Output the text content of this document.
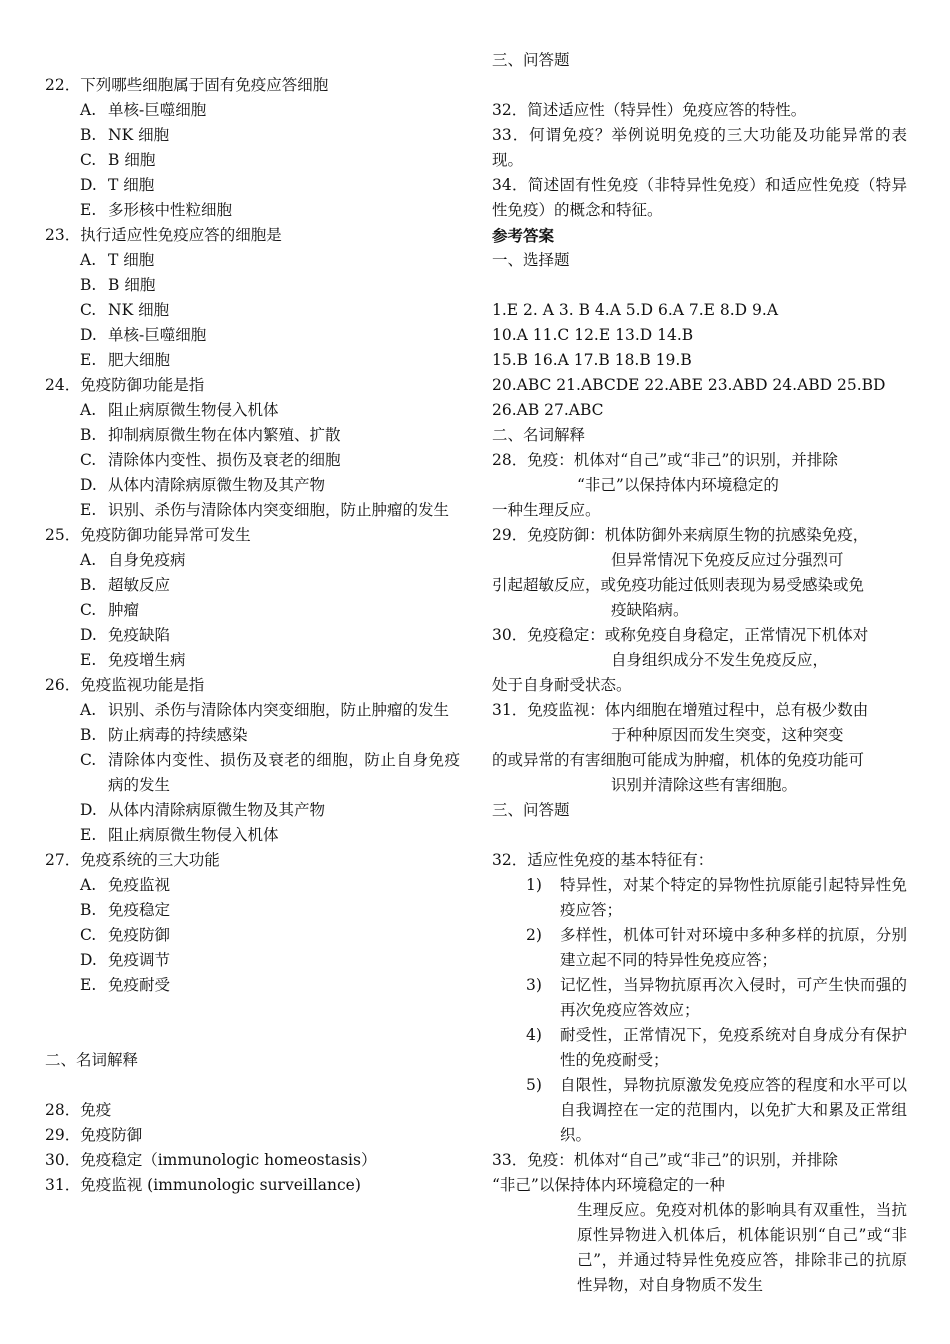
22．下列哪些细胞属于固有免疫应答细胞
A. 单核-巨噬细胞
B. NK 细胞
C. B 细胞
D. T 细胞
E. 多形核中性粒细胞
23．执行适应性免疫应答的细胞是
A. T 细胞
B. B 细胞
C. NK 细胞
D. 单核-巨噬细胞
E. 肥大细胞
24．免疫防御功能是指
A. 阻止病原微生物侵入机体
B. 抑制病原微生物在体内繁殖、扩散
C. 清除体内变性、损伤及衰老的细胞
D. 从体内清除病原微生物及其产物
E. 识别、杀伤与清除体内突变细胞，防止肿瘤的发生
25．免疫防御功能异常可发生
A. 自身免疫病
B. 超敏反应
C. 肿瘤
D. 免疫缺陷
E. 免疫增生病
26．免疫监视功能是指
A. 识别、杀伤与清除体内突变细胞，防止肿瘤的发生
B. 防止病毒的持续感染
C. 清除体内变性、损伤及衰老的细胞，防止自身免疫病的发生
D. 从体内清除病原微生物及其产物
E. 阻止病原微生物侵入机体
27．免疫系统的三大功能
A. 免疫监视
B. 免疫稳定
C. 免疫防御
D. 免疫调节
E. 免疫耐受
二、名词解释
28．免疫
29．免疫防御
30．免疫稳定（immunologic homeostasis）
31．免疫监视 (immunologic surveillance)
三、问答题
32．简述适应性（特异性）免疫应答的特性。
33．何谓免疫？举例说明免疫的三大功能及功能异常的表现。
34．简述固有性免疫（非特异性免疫）和适应性免疫（特异性免疫）的概念和特征。
参考答案
一、选择题
1.E 2. A 3. B 4.A 5.D 6.A 7.E 8.D 9.A
10.A 11.C 12.E 13.D 14.B
15.B 16.A 17.B 18.B 19.B
20.ABC 21.ABCDE 22.ABE 23.ABD 24.ABD 25.BD
26.AB 27.ABC
二、名词解释
28．免疫：机体对“自己”或“非己”的识别，并排除
“非己”以保持体内环境稳定的
一种生理反应。
29．免疫防御：机体防御外来病原生物的抗感染免疫，
但异常情况下免疫反应过分强烈可
引起超敏反应，或免疫功能过低则表现为易受感染或免
疫缺陷病。
30．免疫稳定：或称免疫自身稳定，正常情况下机体对
自身组织成分不发生免疫反应，
处于自身耐受状态。
31．免疫监视：体内细胞在增殖过程中，总有极少数由
于种种原因而发生突变，这种突变
的或异常的有害细胞可能成为肿瘤，机体的免疫功能可
识别并清除这些有害细胞。
三、问答题
32．适应性免疫的基本特征有：
1) 特异性，对某个特定的异物性抗原能引起特异性免疫应答；
2) 多样性，机体可针对环境中多种多样的抗原，分别建立起不同的特异性免疫应答；
3) 记忆性，当异物抗原再次入侵时，可产生快而强的再次免疫应答效应；
4) 耐受性，正常情况下，免疫系统对自身成分有保护性的免疫耐受；
5) 自限性，异物抗原激发免疫应答的程度和水平可以自我调控在一定的范围内，以免扩大和累及正常组织。
33．免疫：机体对“自己”或“非己”的识别，并排除
“非己”以保持体内环境稳定的一种
生理反应。免疫对机体的影响具有双重性，当抗原性异物进入机体后，机体能识别“自己”或“非己”，并通过特异性免疫应答，排除非己的抗原性异物，对自身物质不发生
